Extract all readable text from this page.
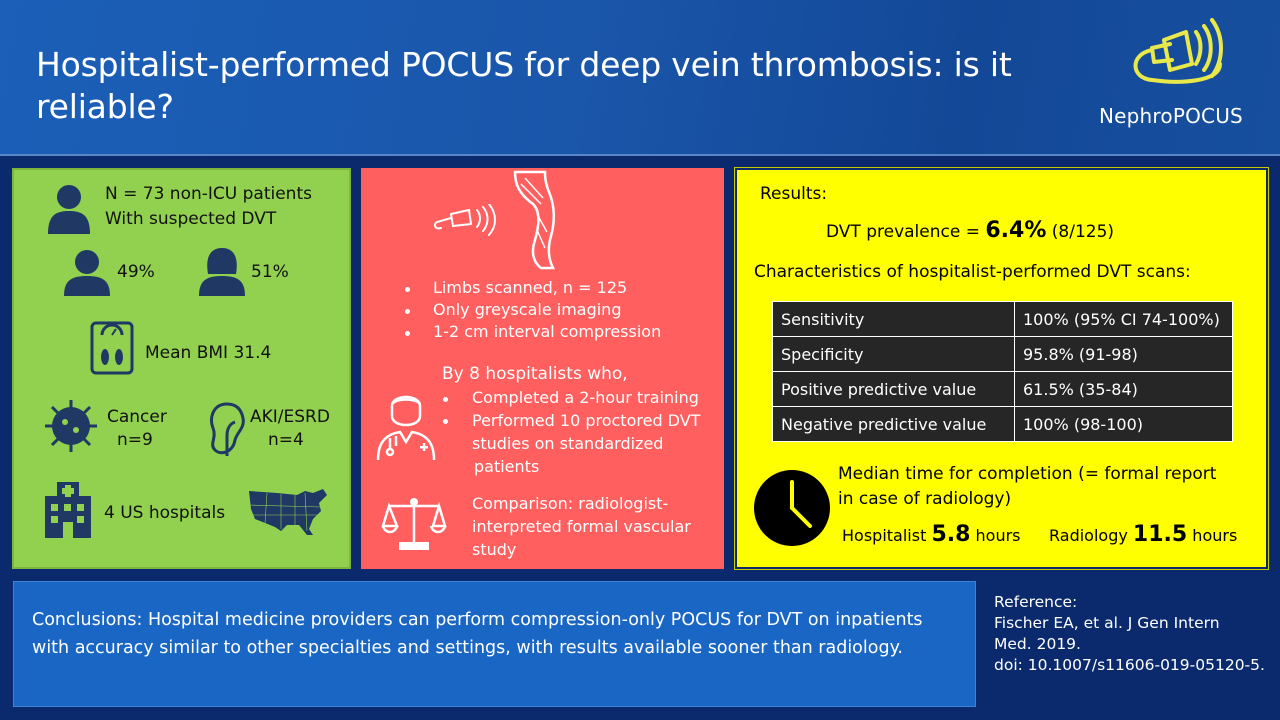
Hospitalist-performed POCUS for deep vein thrombosis: is it reliable?	NephroPOCUS
N = 73 non-ICU patients
With suspected DVT
49%	51%
Mean BMI 31.4
Cancer
n=9
AKI/ESRD
n=4
4 US hospitals
Limbs scanned, n = 125
Only greyscale imaging
1-2 cm interval compression
By 8 hospitalists who,
Completed a 2-hour training
Performed 10 proctored DVT
studies on standardized
patients
Comparison: radiologist-
interpreted formal vascular
study
Results:
DVT prevalence = 6.4% (8/125)
Characteristics of hospitalist-performed DVT scans:
Sensitivity	100% (95% CI 74-100%)
Specificity	95.8% (91-98)
Positive predictive value	61.5% (35-84)
Negative predictive value	100% (98-100)
Median time for completion (= formal report
in case of radiology)
Hospitalist 5.8 hours Radiology 11.5 hours
Conclusions: Hospital medicine providers can perform compression-only POCUS for DVT on inpatients with accuracy similar to other specialties and settings, with results available sooner than radiology.
Reference:
Fischer EA, et al. J Gen Intern
Med. 2019.
doi: 10.1007/s11606-019-05120-5.
